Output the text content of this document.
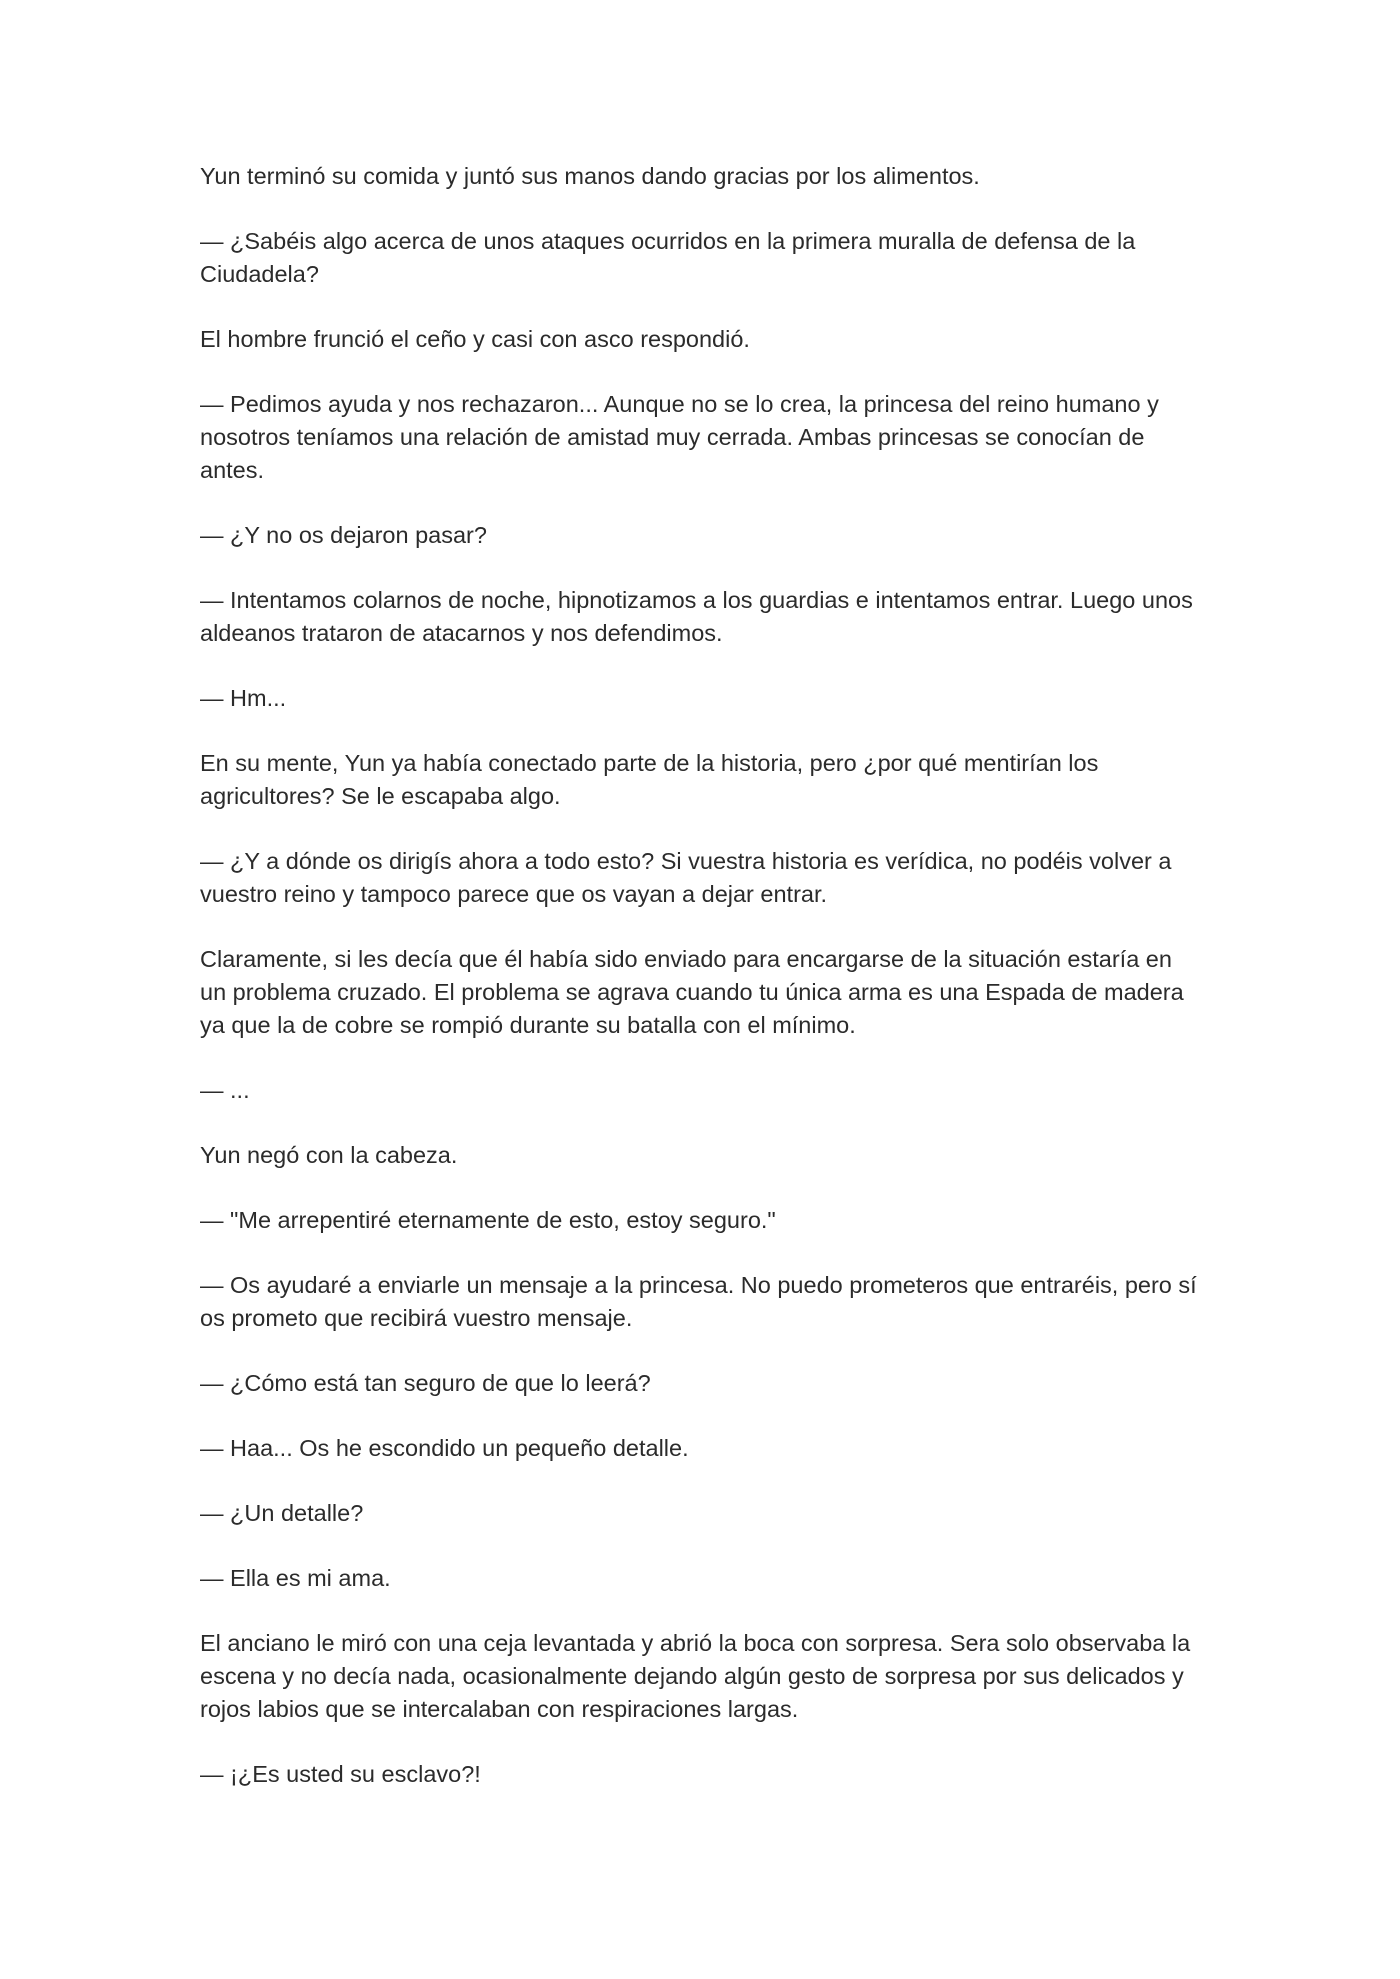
Yun terminó su comida y juntó sus manos dando gracias por los alimentos.

— ¿Sabéis algo acerca de unos ataques ocurridos en la primera muralla de defensa de la Ciudadela?

El hombre frunció el ceño y casi con asco respondió.

— Pedimos ayuda y nos rechazaron... Aunque no se lo crea, la princesa del reino humano y nosotros teníamos una relación de amistad muy cerrada. Ambas princesas se conocían de antes.

— ¿Y no os dejaron pasar?

— Intentamos colarnos de noche, hipnotizamos a los guardias e intentamos entrar. Luego unos aldeanos trataron de atacarnos y nos defendimos.

— Hm...

En su mente, Yun ya había conectado parte de la historia, pero ¿por qué mentirían los agricultores? Se le escapaba algo.

— ¿Y a dónde os dirigís ahora a todo esto? Si vuestra historia es verídica, no podéis volver a vuestro reino y tampoco parece que os vayan a dejar entrar.

Claramente, si les decía que él había sido enviado para encargarse de la situación estaría en un problema cruzado. El problema se agrava cuando tu única arma es una Espada de madera ya que la de cobre se rompió durante su batalla con el mínimo.

— ...

Yun negó con la cabeza.

— "Me arrepentiré eternamente de esto, estoy seguro."

— Os ayudaré a enviarle un mensaje a la princesa. No puedo prometeros que entraréis, pero sí os prometo que recibirá vuestro mensaje.

— ¿Cómo está tan seguro de que lo leerá?

— Haa... Os he escondido un pequeño detalle.

— ¿Un detalle?

— Ella es mi ama.

El anciano le miró con una ceja levantada y abrió la boca con sorpresa. Sera solo observaba la escena y no decía nada, ocasionalmente dejando algún gesto de sorpresa por sus delicados y rojos labios que se intercalaban con respiraciones largas.

— ¡¿Es usted su esclavo?!
